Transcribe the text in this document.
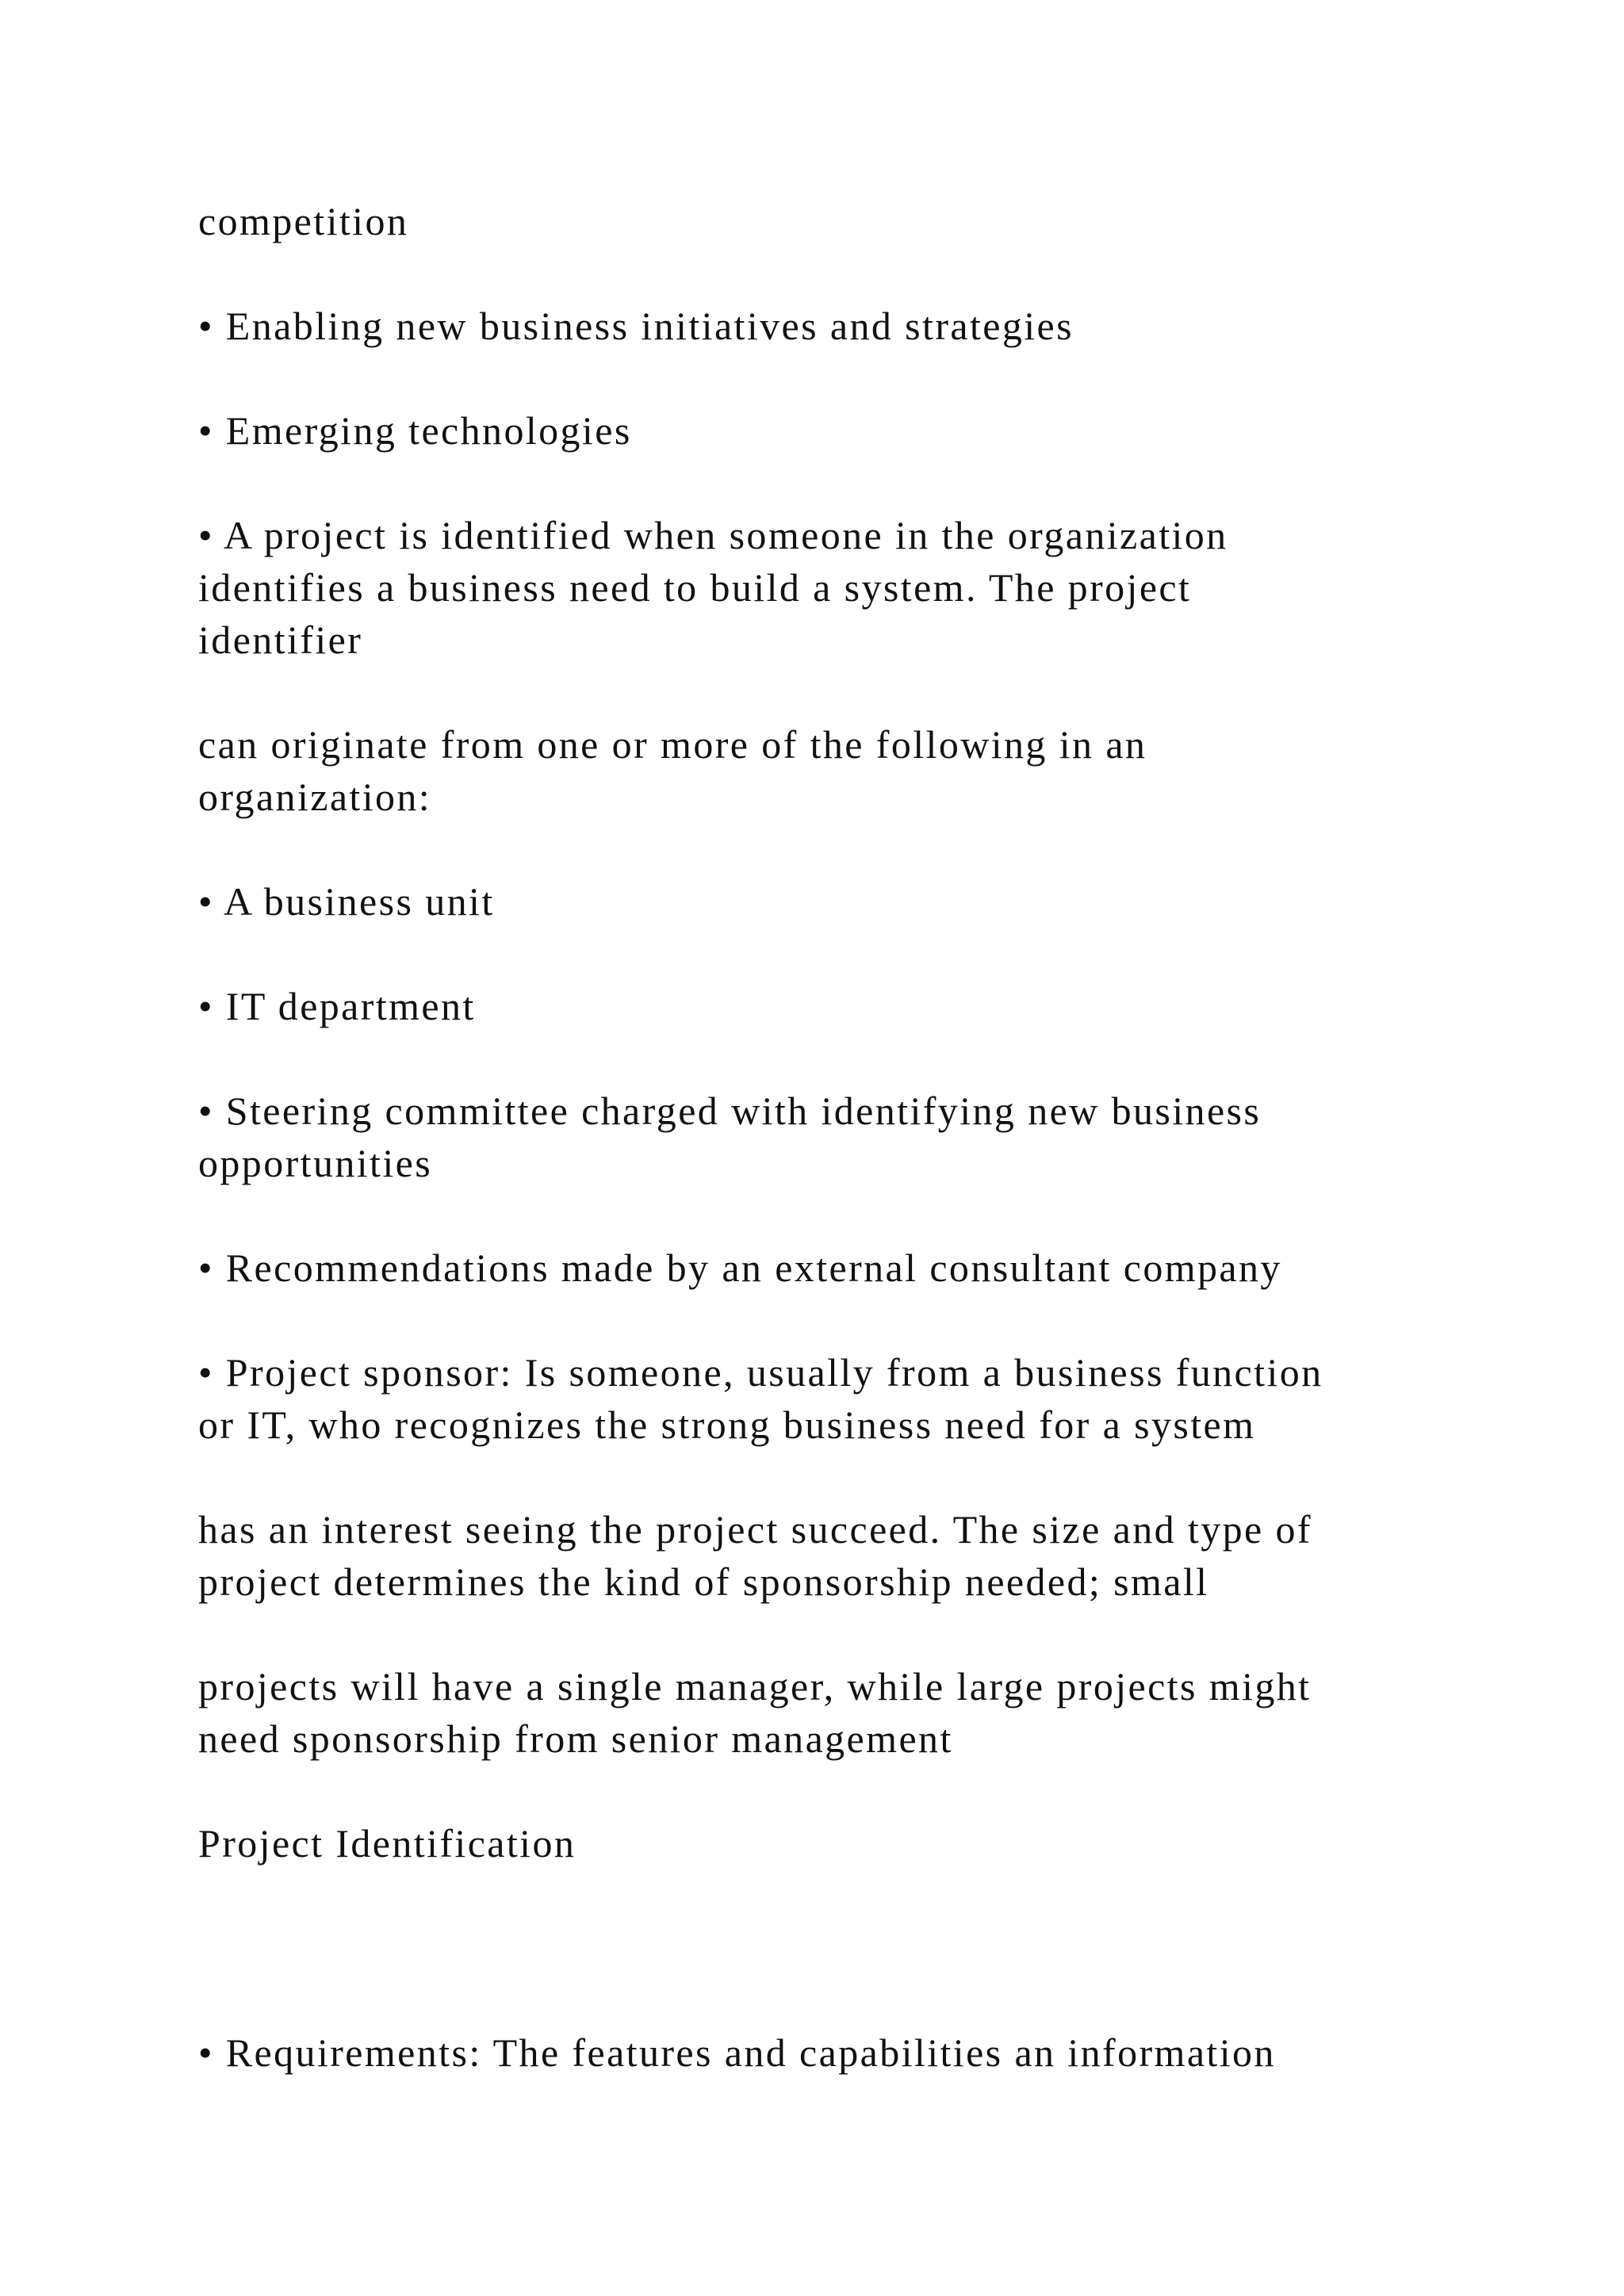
competition
• Enabling new business initiatives and strategies
• Emerging technologies
• A project is identified when someone in the organization
identifies a business need to build a system. The project
identifier
can originate from one or more of the following in an
organization:
• A business unit
• IT department
• Steering committee charged with identifying new business
opportunities
• Recommendations made by an external consultant company
• Project sponsor: Is someone, usually from a business function
or IT, who recognizes the strong business need for a system
has an interest seeing the project succeed. The size and type of
project determines the kind of sponsorship needed; small
projects will have a single manager, while large projects might
need sponsorship from senior management
Project Identification
• Requirements: The features and capabilities an information
